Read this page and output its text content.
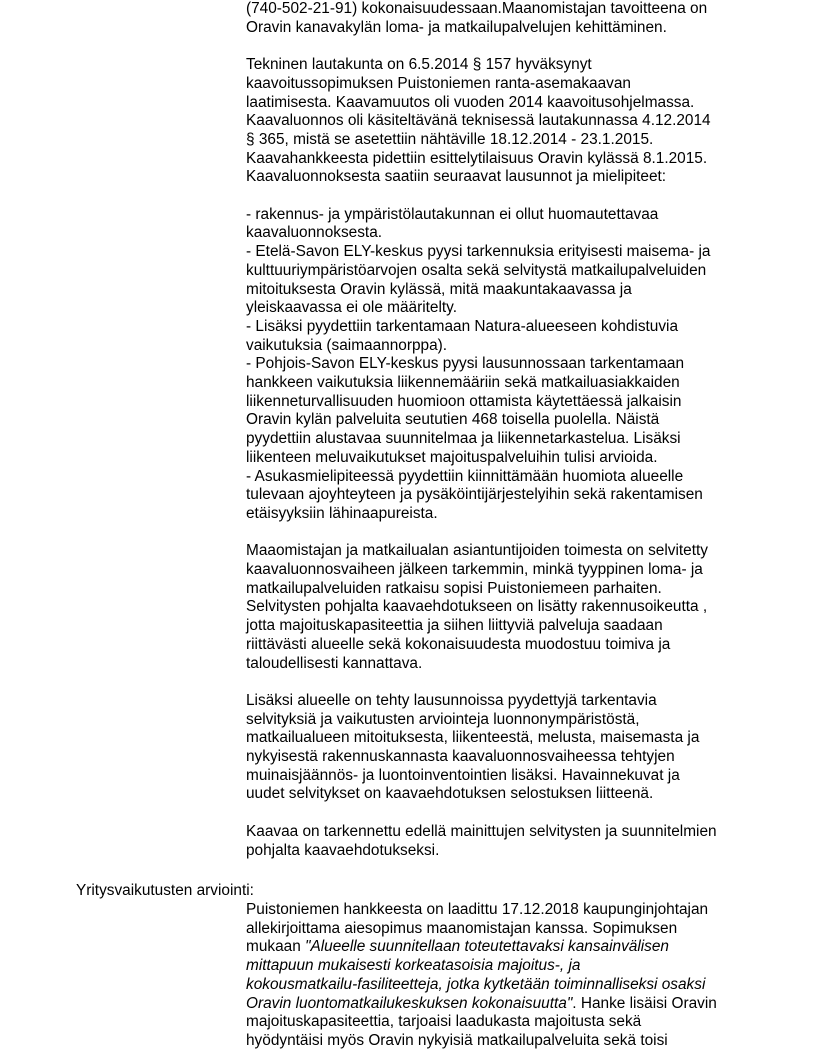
(740-502-21-91) kokonaisuudessaan.Maanomistajan tavoitteena on
Oravin kanavakylän loma- ja matkailupalvelujen kehittäminen.
Tekninen lautakunta on 6.5.2014 § 157 hyväksynyt
kaavoitussopimuksen Puistoniemen ranta-asemakaavan
laatimisesta. Kaavamuutos oli vuoden 2014 kaavoitusohjelmassa.
Kaavaluonnos oli käsiteltävänä teknisessä lautakunnassa 4.12.2014
§ 365, mistä se asetettiin nähtäville 18.12.2014 - 23.1.2015.
Kaavahankkeesta pidettiin esittelytilaisuus Oravin kylässä 8.1.2015.
Kaavaluonnoksesta saatiin seuraavat lausunnot ja mielipiteet:
- rakennus- ja ympäristölautakunnan ei ollut huomautettavaa
kaavaluonnoksesta.
- Etelä-Savon ELY-keskus pyysi tarkennuksia erityisesti maisema- ja
kulttuuriympäristöarvojen osalta sekä selvitystä matkailupalveluiden
mitoituksesta Oravin kylässä, mitä maakuntakaavassa ja
yleiskaavassa ei ole määritelty.
- Lisäksi pyydettiin tarkentamaan Natura-alueeseen kohdistuvia
vaikutuksia (saimaannorppa).
- Pohjois-Savon ELY-keskus pyysi lausunnossaan tarkentamaan
hankkeen vaikutuksia liikennemääriin sekä matkailuasiakkaiden
liikenneturvallisuuden huomioon ottamista käytettäessä jalkaisin
Oravin kylän palveluita seututien 468 toisella puolella. Näistä
pyydettiin alustavaa suunnitelmaa ja liikennetarkastelua. Lisäksi
liikenteen meluvaikutukset majoituspalveluihin tulisi arvioida.
- Asukasmielipiteessä pyydettiin kiinnittämään huomiota alueelle
tulevaan ajoyhteyteen ja pysäköintijärjestelyihin sekä rakentamisen
etäisyyksiin lähinaapureista.
Maaomistajan ja matkailualan asiantuntijoiden toimesta on selvitetty
kaavaluonnosvaiheen jälkeen tarkemmin, minkä tyyppinen loma- ja
matkailupalveluiden ratkaisu sopisi Puistoniemeen parhaiten.
Selvitysten pohjalta kaavaehdotukseen on lisätty rakennusoikeutta ,
jotta majoituskapasiteettia ja siihen liittyviä palveluja saadaan
riittävästi alueelle sekä kokonaisuudesta muodostuu toimiva ja
taloudellisesti kannattava.
Lisäksi alueelle on tehty lausunnoissa pyydettyjä tarkentavia
selvityksiä ja vaikutusten arviointeja luonnonympäristöstä,
matkailualueen mitoituksesta, liikenteestä, melusta, maisemasta ja
nykyisestä rakennuskannasta kaavaluonnosvaiheessa tehtyjen
muinaisjäännös- ja luontoinventointien lisäksi. Havainnekuvat ja
uudet selvitykset on kaavaehdotuksen selostuksen liitteenä.
Kaavaa on tarkennettu edellä mainittujen selvitysten ja suunnitelmien
pohjalta kaavaehdotukseksi.
Yritysvaikutusten arviointi:
Puistoniemen hankkeesta on laadittu 17.12.2018 kaupunginjohtajan
allekirjoittama aiesopimus maanomistajan kanssa. Sopimuksen
mukaan "Alueelle suunnitellaan toteutettavaksi kansainvälisen
mittapuun mukaisesti korkeatasoisia majoitus-, ja
kokousmatkailu-fasiliteetteja, jotka kytketään toiminnalliseksi osaksi
Oravin luontomatkailukeskuksen kokonaisuutta". Hanke lisäisi Oravin
majoituskapasiteettia, tarjoaisi laadukasta majoitusta sekä
hyödyntäisi myös Oravin nykyisiä matkailupalveluita sekä toisi
